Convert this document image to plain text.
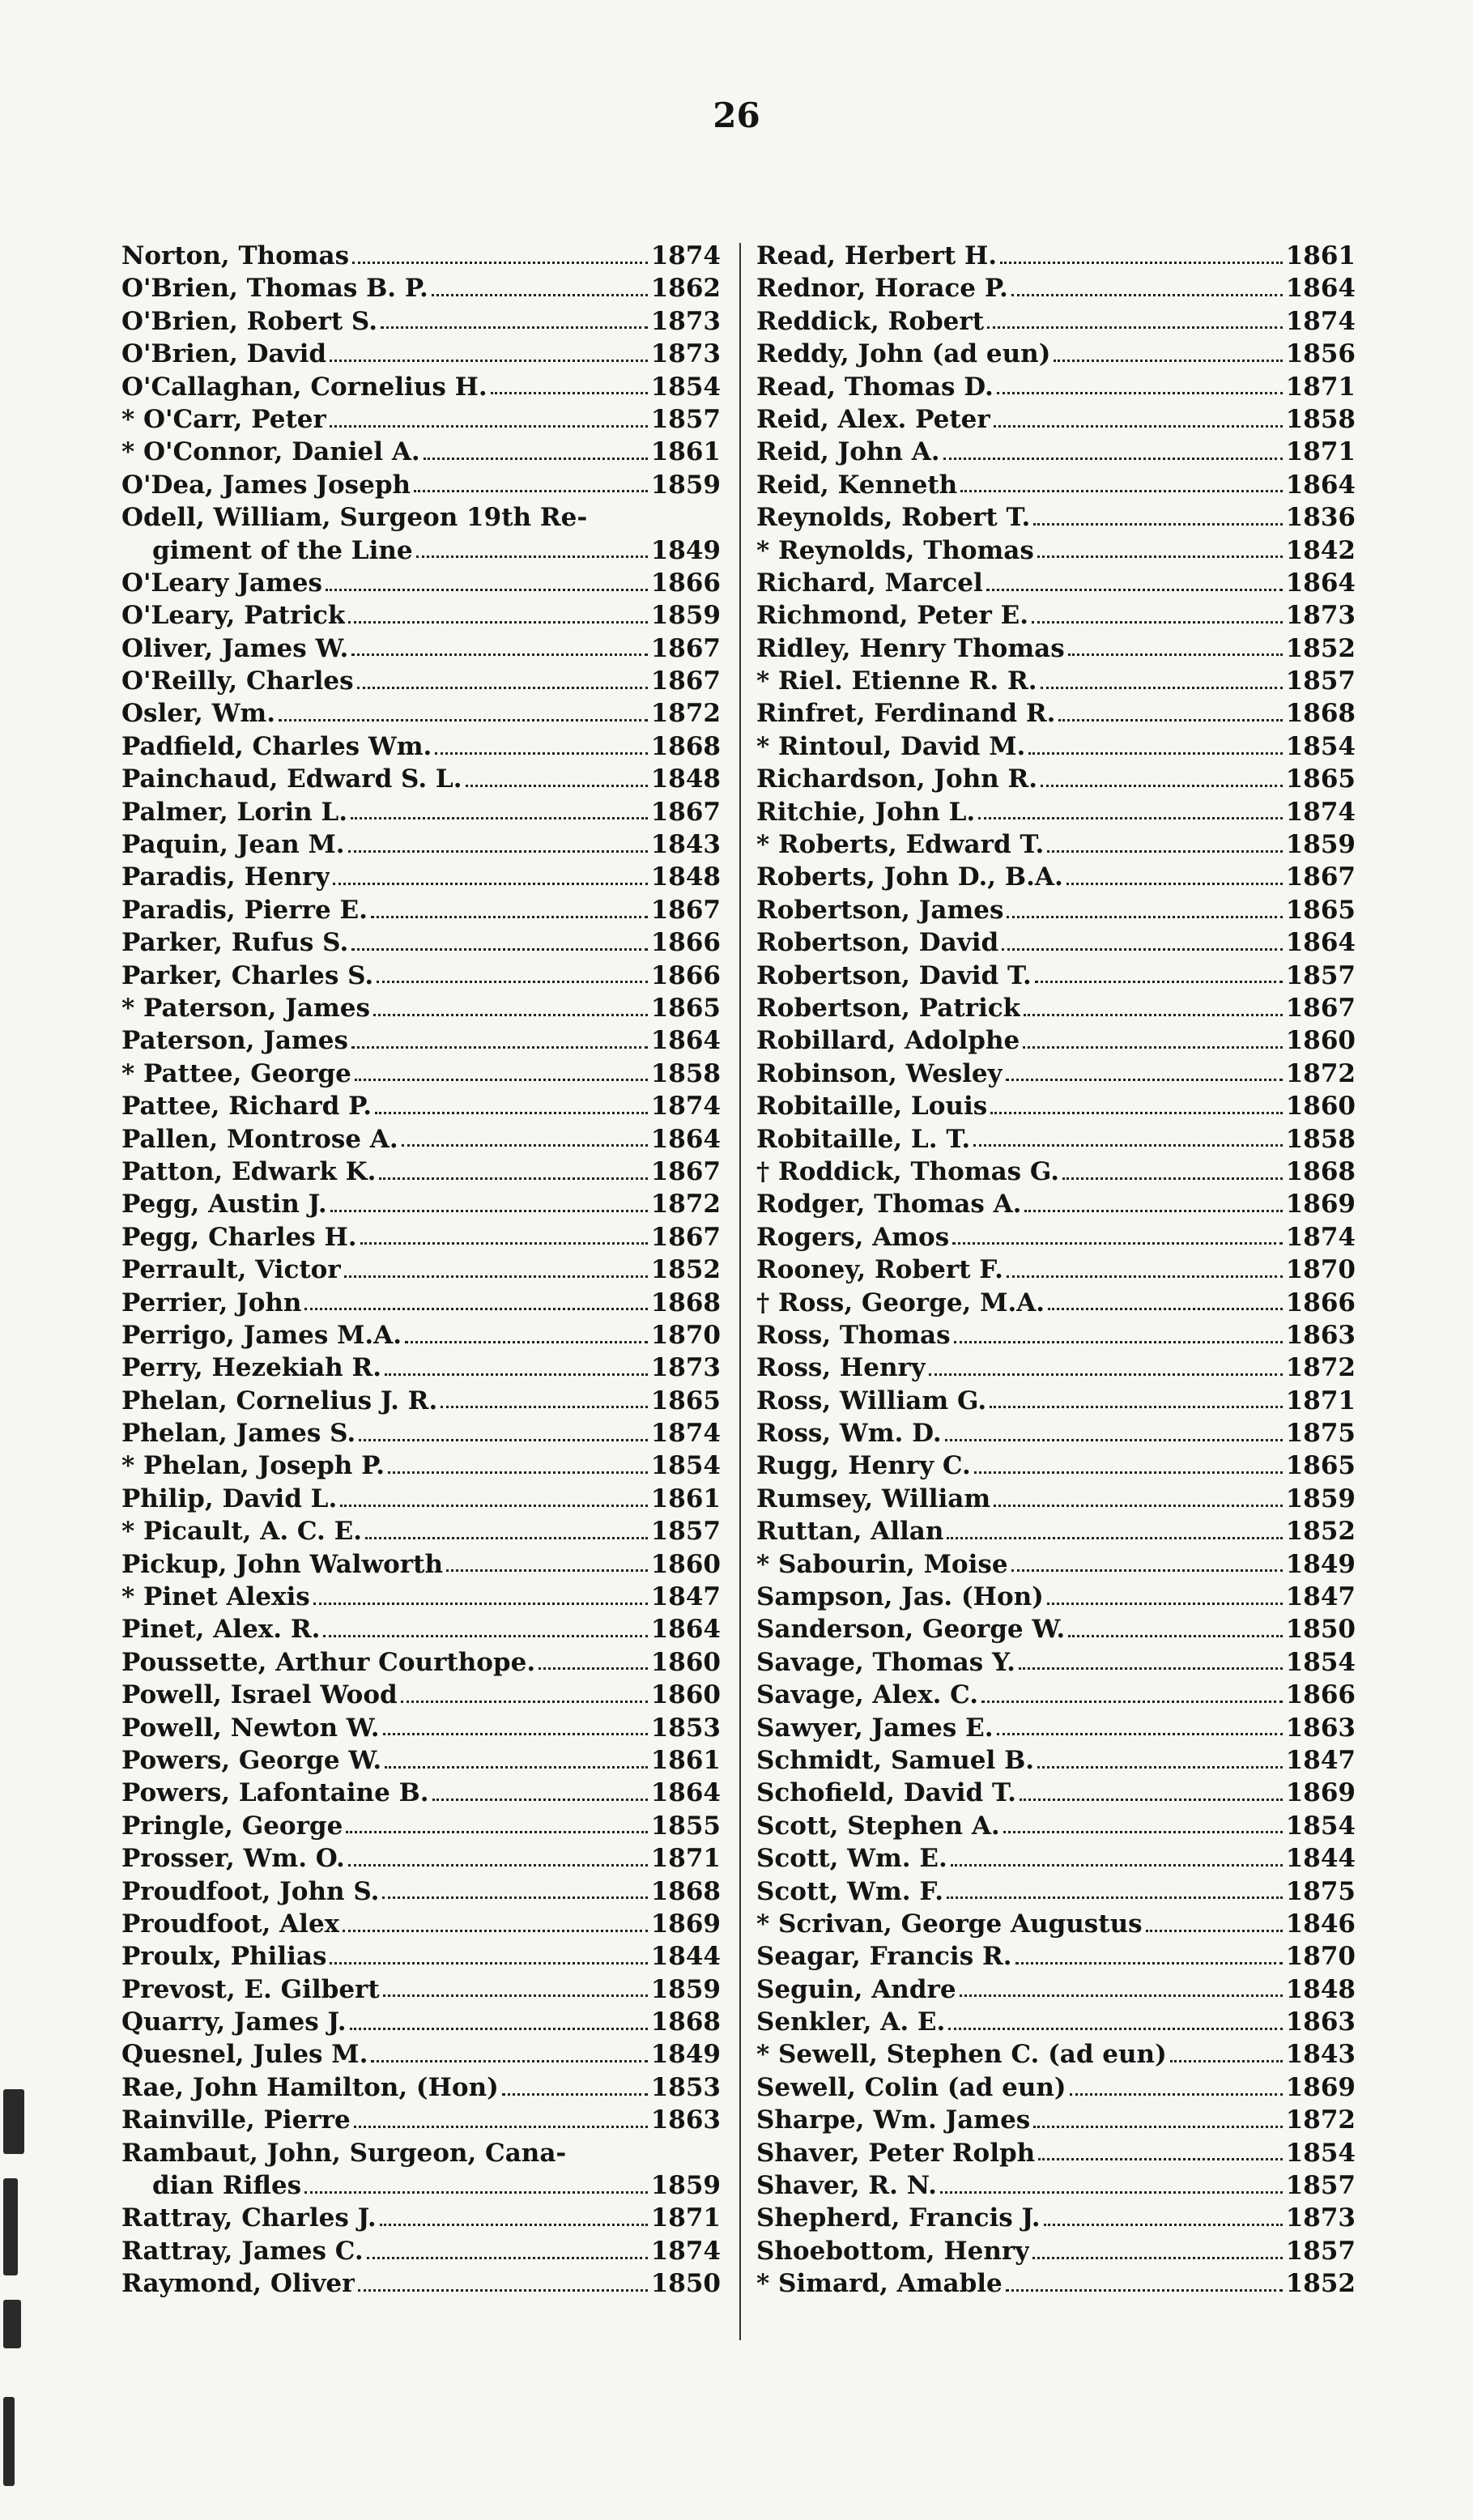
26
Norton, Thomas	1874
O'Brien, Thomas B. P.	1862
O'Brien, Robert S.	1873
O'Brien, David	1873
O'Callaghan, Cornelius H.	1854
* O'Carr, Peter	1857
* O'Connor, Daniel A.	1861
O'Dea, James Joseph	1859
Odell, William, Surgeon 19th Re-
giment of the Line	1849
O'Leary James	1866
O'Leary, Patrick	1859
Oliver, James W.	1867
O'Reilly, Charles	1867
Osler, Wm.	1872
Padfield, Charles Wm.	1868
Painchaud, Edward S. L.	1848
Palmer, Lorin L.	1867
Paquin, Jean M.	1843
Paradis, Henry	1848
Paradis, Pierre E.	1867
Parker, Rufus S.	1866
Parker, Charles S.	1866
* Paterson, James	1865
Paterson, James	1864
* Pattee, George	1858
Pattee, Richard P.	1874
Pallen, Montrose A.	1864
Patton, Edwark K.	1867
Pegg, Austin J.	1872
Pegg, Charles H.	1867
Perrault, Victor	1852
Perrier, John	1868
Perrigo, James M.A.	1870
Perry, Hezekiah R.	1873
Phelan, Cornelius J. R.	1865
Phelan, James S.	1874
* Phelan, Joseph P.	1854
Philip, David L.	1861
* Picault, A. C. E.	1857
Pickup, John Walworth	1860
* Pinet Alexis	1847
Pinet, Alex. R.	1864
Poussette, Arthur Courthope.	1860
Powell, Israel Wood	1860
Powell, Newton W.	1853
Powers, George W.	1861
Powers, Lafontaine B.	1864
Pringle, George	1855
Prosser, Wm. O.	1871
Proudfoot, John S.	1868
Proudfoot, Alex	1869
Proulx, Philias	1844
Prevost, E. Gilbert	1859
Quarry, James J.	1868
Quesnel, Jules M.	1849
Rae, John Hamilton, (Hon)	1853
Rainville, Pierre	1863
Rambaut, John, Surgeon, Cana-
dian Rifles	1859
Rattray, Charles J.	1871
Rattray, James C.	1874
Raymond, Oliver	1850
Read, Herbert H.	1861
Rednor, Horace P.	1864
Reddick, Robert	1874
Reddy, John (ad eun)	1856
Read, Thomas D.	1871
Reid, Alex. Peter	1858
Reid, John A.	1871
Reid, Kenneth	1864
Reynolds, Robert T.	1836
* Reynolds, Thomas	1842
Richard, Marcel	1864
Richmond, Peter E.	1873
Ridley, Henry Thomas	1852
* Riel. Etienne R. R.	1857
Rinfret, Ferdinand R.	1868
* Rintoul, David M.	1854
Richardson, John R.	1865
Ritchie, John L.	1874
* Roberts, Edward T.	1859
Roberts, John D., B.A.	1867
Robertson, James	1865
Robertson, David	1864
Robertson, David T.	1857
Robertson, Patrick	1867
Robillard, Adolphe	1860
Robinson, Wesley	1872
Robitaille, Louis	1860
Robitaille, L. T.	1858
† Roddick, Thomas G.	1868
Rodger, Thomas A.	1869
Rogers, Amos	1874
Rooney, Robert F.	1870
† Ross, George, M.A.	1866
Ross, Thomas	1863
Ross, Henry	1872
Ross, William G.	1871
Ross, Wm. D.	1875
Rugg, Henry C.	1865
Rumsey, William	1859
Ruttan, Allan	1852
* Sabourin, Moise	1849
Sampson, Jas. (Hon)	1847
Sanderson, George W.	1850
Savage, Thomas Y.	1854
Savage, Alex. C.	1866
Sawyer, James E.	1863
Schmidt, Samuel B.	1847
Schofield, David T.	1869
Scott, Stephen A.	1854
Scott, Wm. E.	1844
Scott, Wm. F.	1875
* Scrivan, George Augustus	1846
Seagar, Francis R.	1870
Seguin, Andre	1848
Senkler, A. E.	1863
* Sewell, Stephen C. (ad eun)	1843
Sewell, Colin (ad eun)	1869
Sharpe, Wm. James	1872
Shaver, Peter Rolph	1854
Shaver, R. N.	1857
Shepherd, Francis J.	1873
Shoebottom, Henry	1857
* Simard, Amable	1852
